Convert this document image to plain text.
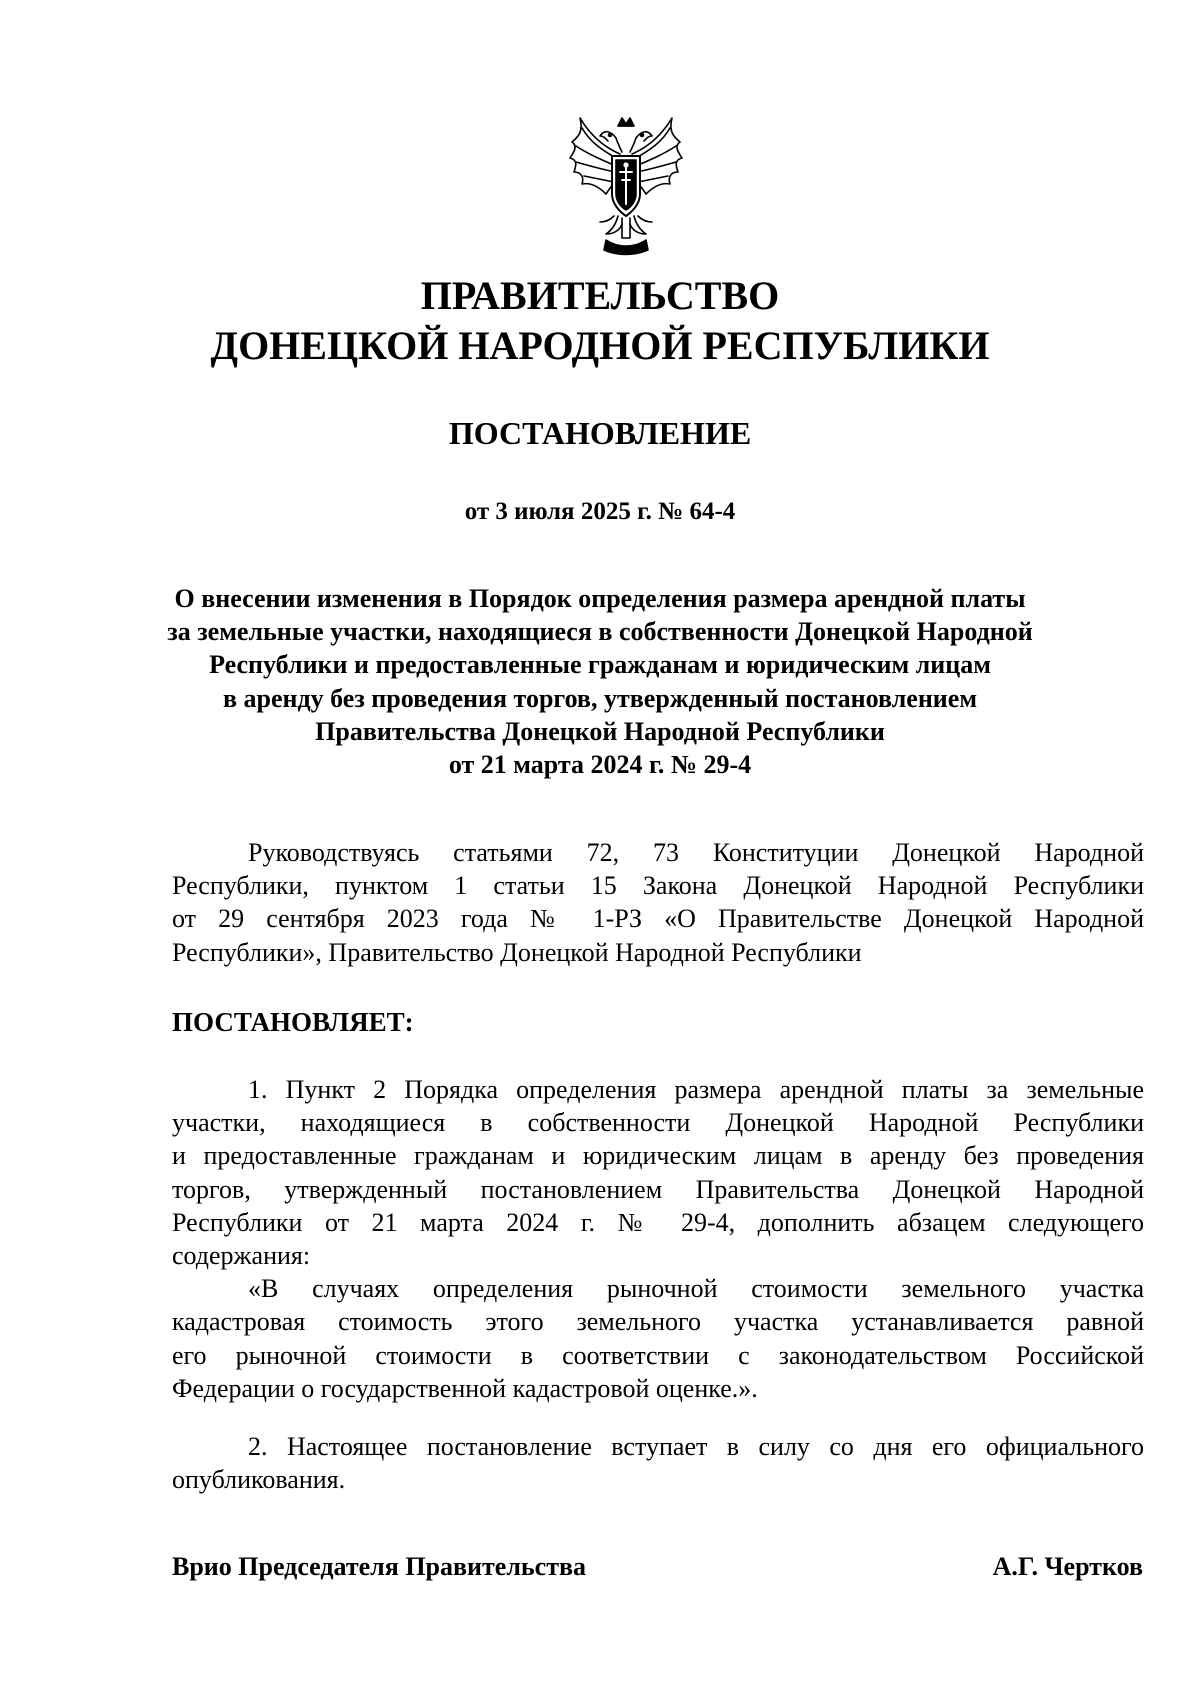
ПРАВИТЕЛЬСТВО
ДОНЕЦКОЙ НАРОДНОЙ РЕСПУБЛИКИ
ПОСТАНОВЛЕНИЕ
от 3 июля 2025 г. № 64-4
О внесении изменения в Порядок определения размера арендной платы
за земельные участки, находящиеся в собственности Донецкой Народной
Республики и предоставленные гражданам и юридическим лицам
в аренду без проведения торгов, утвержденный постановлением
Правительства Донецкой Народной Республики
от 21 марта 2024 г. № 29-4
Руководствуясь статьями 72, 73 Конституции Донецкой Народной
Республики, пунктом 1 статьи 15 Закона Донецкой Народной Республики
от 29 сентября 2023 года № 1-РЗ «О Правительстве Донецкой Народной
Республики», Правительство Донецкой Народной Республики
ПОСТАНОВЛЯЕТ:
1. Пункт 2 Порядка определения размера арендной платы за земельные
участки, находящиеся в собственности Донецкой Народной Республики
и предоставленные гражданам и юридическим лицам в аренду без проведения
торгов, утвержденный постановлением Правительства Донецкой Народной
Республики от 21 марта 2024 г. № 29-4, дополнить абзацем следующего
содержания:
«В случаях определения рыночной стоимости земельного участка
кадастровая стоимость этого земельного участка устанавливается равной
его рыночной стоимости в соответствии с законодательством Российской
Федерации о государственной кадастровой оценке.».
2. Настоящее постановление вступает в силу со дня его официального
опубликования.
Врио Председателя Правительства	А.Г. Чертков
